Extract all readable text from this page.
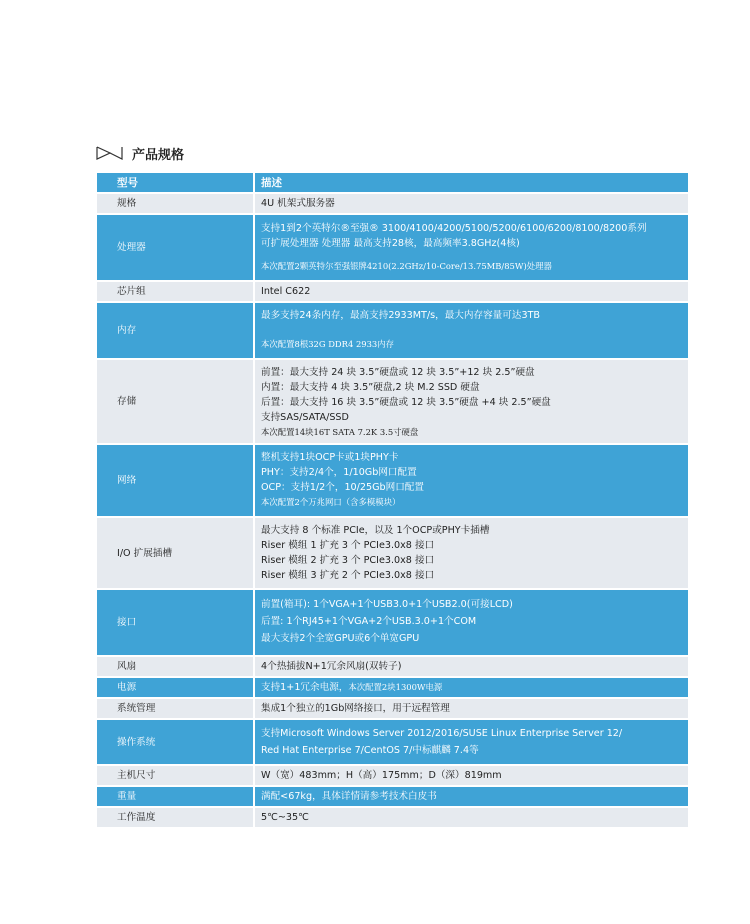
产品规格
型号	描述
规格	4U 机架式服务器

处理器	支持1到2个英特尔®至强® 3100/4100/4200/5100/5200/6100/6200/8100/8200系列
可扩展处理器 处理器 最高支持28核，最高频率3.8GHz(4核)
本次配置2颗英特尔至强银牌4210(2.2GHz/10-Core/13.75MB/85W)处理器

芯片组	Intel C622

内存	最多支持24条内存，最高支持2933MT/s，最大内存容量可达3TB
本次配置8根32G DDR4 2933内存

存储	前置：最大支持 24 块 3.5”硬盘或 12 块 3.5”+12 块 2.5”硬盘
内置：最大支持 4 块 3.5”硬盘,2 块 M.2 SSD 硬盘
后置：最大支持 16 块 3.5”硬盘或 12 块 3.5”硬盘 +4 块 2.5”硬盘
支持SAS/SATA/SSD
本次配置14块16T SATA 7.2K 3.5寸硬盘

网络	整机支持1块OCP卡或1块PHY卡
PHY：支持2/4个，1/10Gb网口配置
OCP：支持1/2个，10/25Gb网口配置
本次配置2个万兆网口（含多模模块）

I/O 扩展插槽	最大支持 8 个标准 PCIe，以及 1个OCP或PHY卡插槽
Riser 模组 1 扩充 3 个 PCIe3.0x8 接口
Riser 模组 2 扩充 3 个 PCIe3.0x8 接口
Riser 模组 3 扩充 2 个 PCIe3.0x8 接口

接口	前置(箱耳): 1个VGA+1个USB3.0+1个USB2.0(可接LCD)
后置: 1个RJ45+1个VGA+2个USB.3.0+1个COM
最大支持2个全宽GPU或6个单宽GPU

风扇	4个热插拔N+1冗余风扇(双转子)

电源	支持1+1冗余电源，本次配置2块1300W电源
系统管理	集成1个独立的1Gb网络接口，用于远程管理

操作系统	支持Microsoft Windows Server 2012/2016/SUSE Linux Enterprise Server 12/
Red Hat Enterprise 7/CentOS 7/中标麒麟 7.4等

主机尺寸	W（宽）483mm；H（高）175mm；D（深）819mm

重量	满配<67kg，具体详情请参考技术白皮书

工作温度	5℃~35℃
